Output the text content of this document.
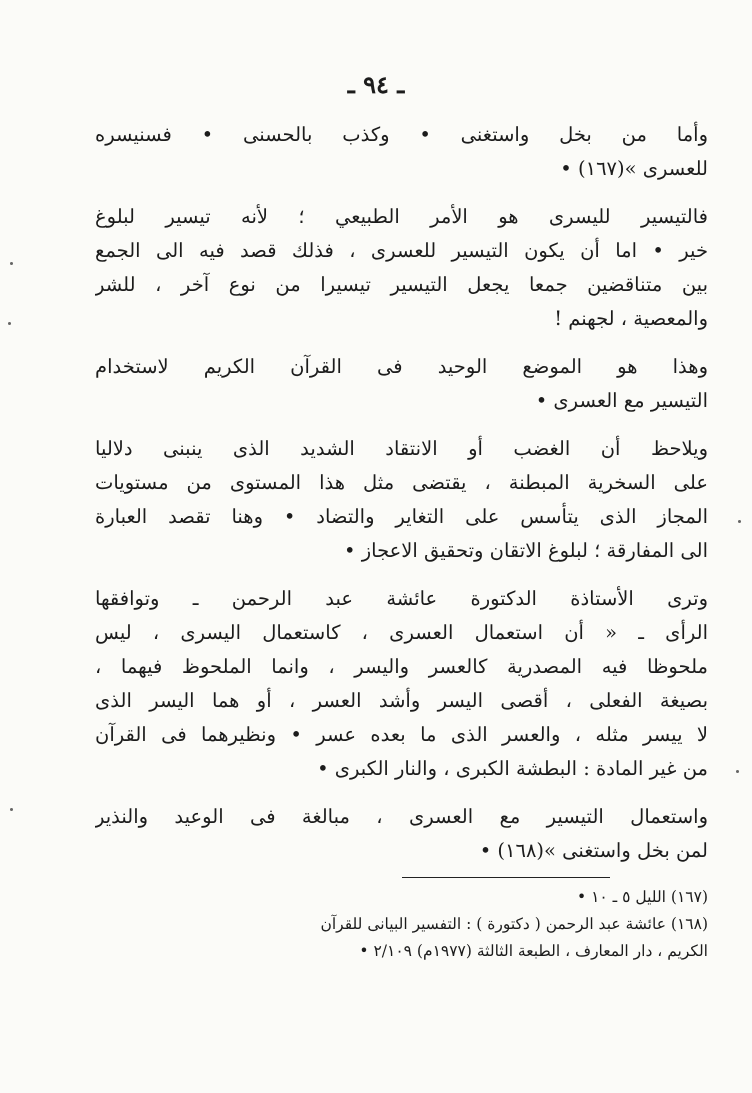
ـ ٩٤ ـ

وأما من بخل واستغنى • وكذب بالحسنى • فسنيسره
للعسرى »(١٦٧) •

فالتيسير لليسرى هو الأمر الطبيعي ؛ لأنه تيسير لبلوغ
خير • اما أن يكون التيسير للعسرى ، فذلك قصد فيه الى الجمع
بين متناقضين جمعا يجعل التيسير تيسيرا من نوع آخر ، للشر
والمعصية ، لجهنم !

وهذا هو الموضع الوحيد فى القرآن الكريم لاستخدام
التيسير مع العسرى •

ويلاحظ أن الغضب أو الانتقاد الشديد الذى ينبنى دلاليا
على السخرية المبطنة ، يقتضى مثل هذا المستوى من مستويات
المجاز الذى يتأسس على التغاير والتضاد • وهنا تقصد العبارة
الى المفارقة ؛ لبلوغ الاتقان وتحقيق الاعجاز •

وترى الأستاذة الدكتورة عائشة عبد الرحمن ـ وتوافقها
الرأى ـ « أن استعمال العسرى ، كاستعمال اليسرى ، ليس
ملحوظا فيه المصدرية كالعسر واليسر ، وانما الملحوظ فيهما ،
بصيغة الفعلى ، أقصى اليسر وأشد العسر ، أو هما اليسر الذى
لا ييسر مثله ، والعسر الذى ما بعده عسر • ونظيرهما فى القرآن
من غير المادة : البطشة الكبرى ، والنار الكبرى •

واستعمال التيسير مع العسرى ، مبالغة فى الوعيد والنذير
لمن بخل واستغنى »(١٦٨) •

(١٦٧) الليل ٥ ـ ١٠ •
(١٦٨) عائشة عبد الرحمن ( دكتورة ) : التفسير البيانى للقرآن
الكريم ، دار المعارف ، الطبعة الثالثة (١٩٧٧م) ٢/١٠٩ •
